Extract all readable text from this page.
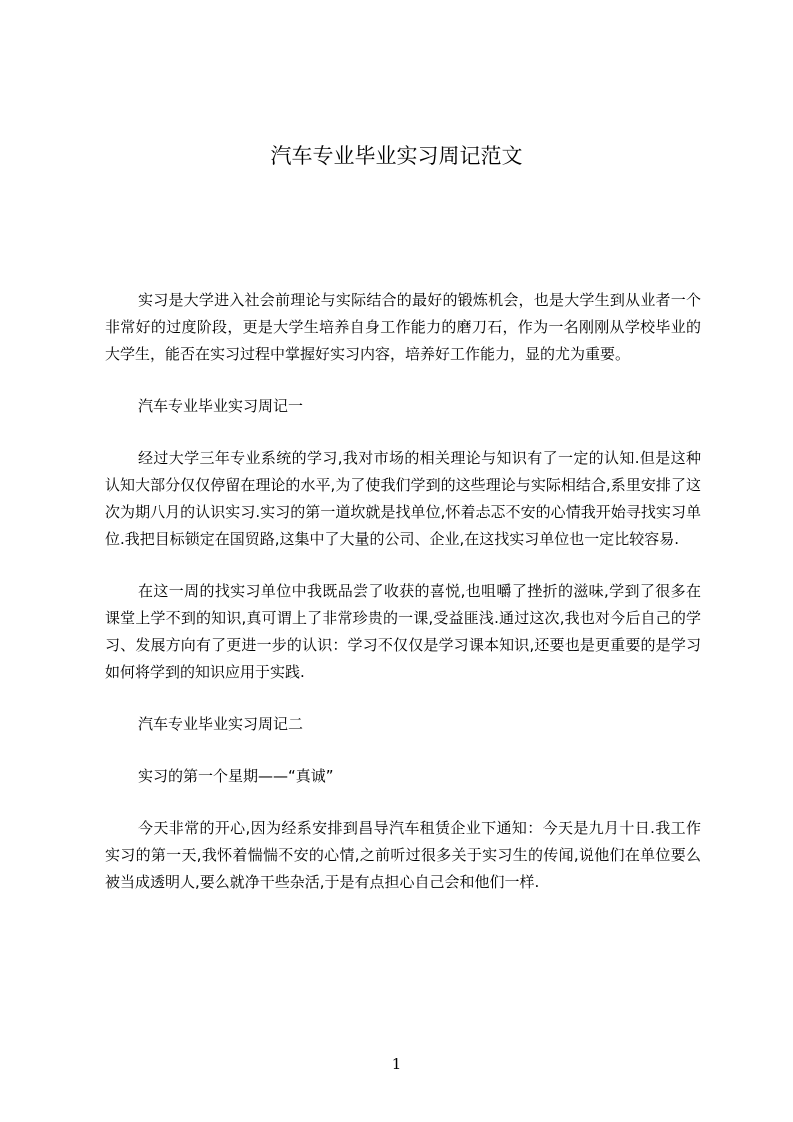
汽车专业毕业实习周记范文

实习是大学进入社会前理论与实际结合的最好的锻炼机会，也是大学生到从业者一个非常好的过度阶段，更是大学生培养自身工作能力的磨刀石，作为一名刚刚从学校毕业的大学生，能否在实习过程中掌握好实习内容，培养好工作能力，显的尤为重要。

汽车专业毕业实习周记一

经过大学三年专业系统的学习,我对市场的相关理论与知识有了一定的认知.但是这种认知大部分仅仅停留在理论的水平,为了使我们学到的这些理论与实际相结合,系里安排了这次为期八月的认识实习.实习的第一道坎就是找单位,怀着忐忑不安的心情我开始寻找实习单位.我把目标锁定在国贸路,这集中了大量的公司、企业,在这找实习单位也一定比较容易.

在这一周的找实习单位中我既品尝了收获的喜悦,也咀嚼了挫折的滋味,学到了很多在课堂上学不到的知识,真可谓上了非常珍贵的一课,受益匪浅.通过这次,我也对今后自己的学习、发展方向有了更进一步的认识：学习不仅仅是学习课本知识,还要也是更重要的是学习如何将学到的知识应用于实践.

汽车专业毕业实习周记二

实习的第一个星期——“真诚”

今天非常的开心,因为经系安排到昌导汽车租赁企业下通知：今天是九月十日.我工作实习的第一天,我怀着惴惴不安的心情,之前听过很多关于实习生的传闻,说他们在单位要么被当成透明人,要么就净干些杂活,于是有点担心自己会和他们一样.

1
